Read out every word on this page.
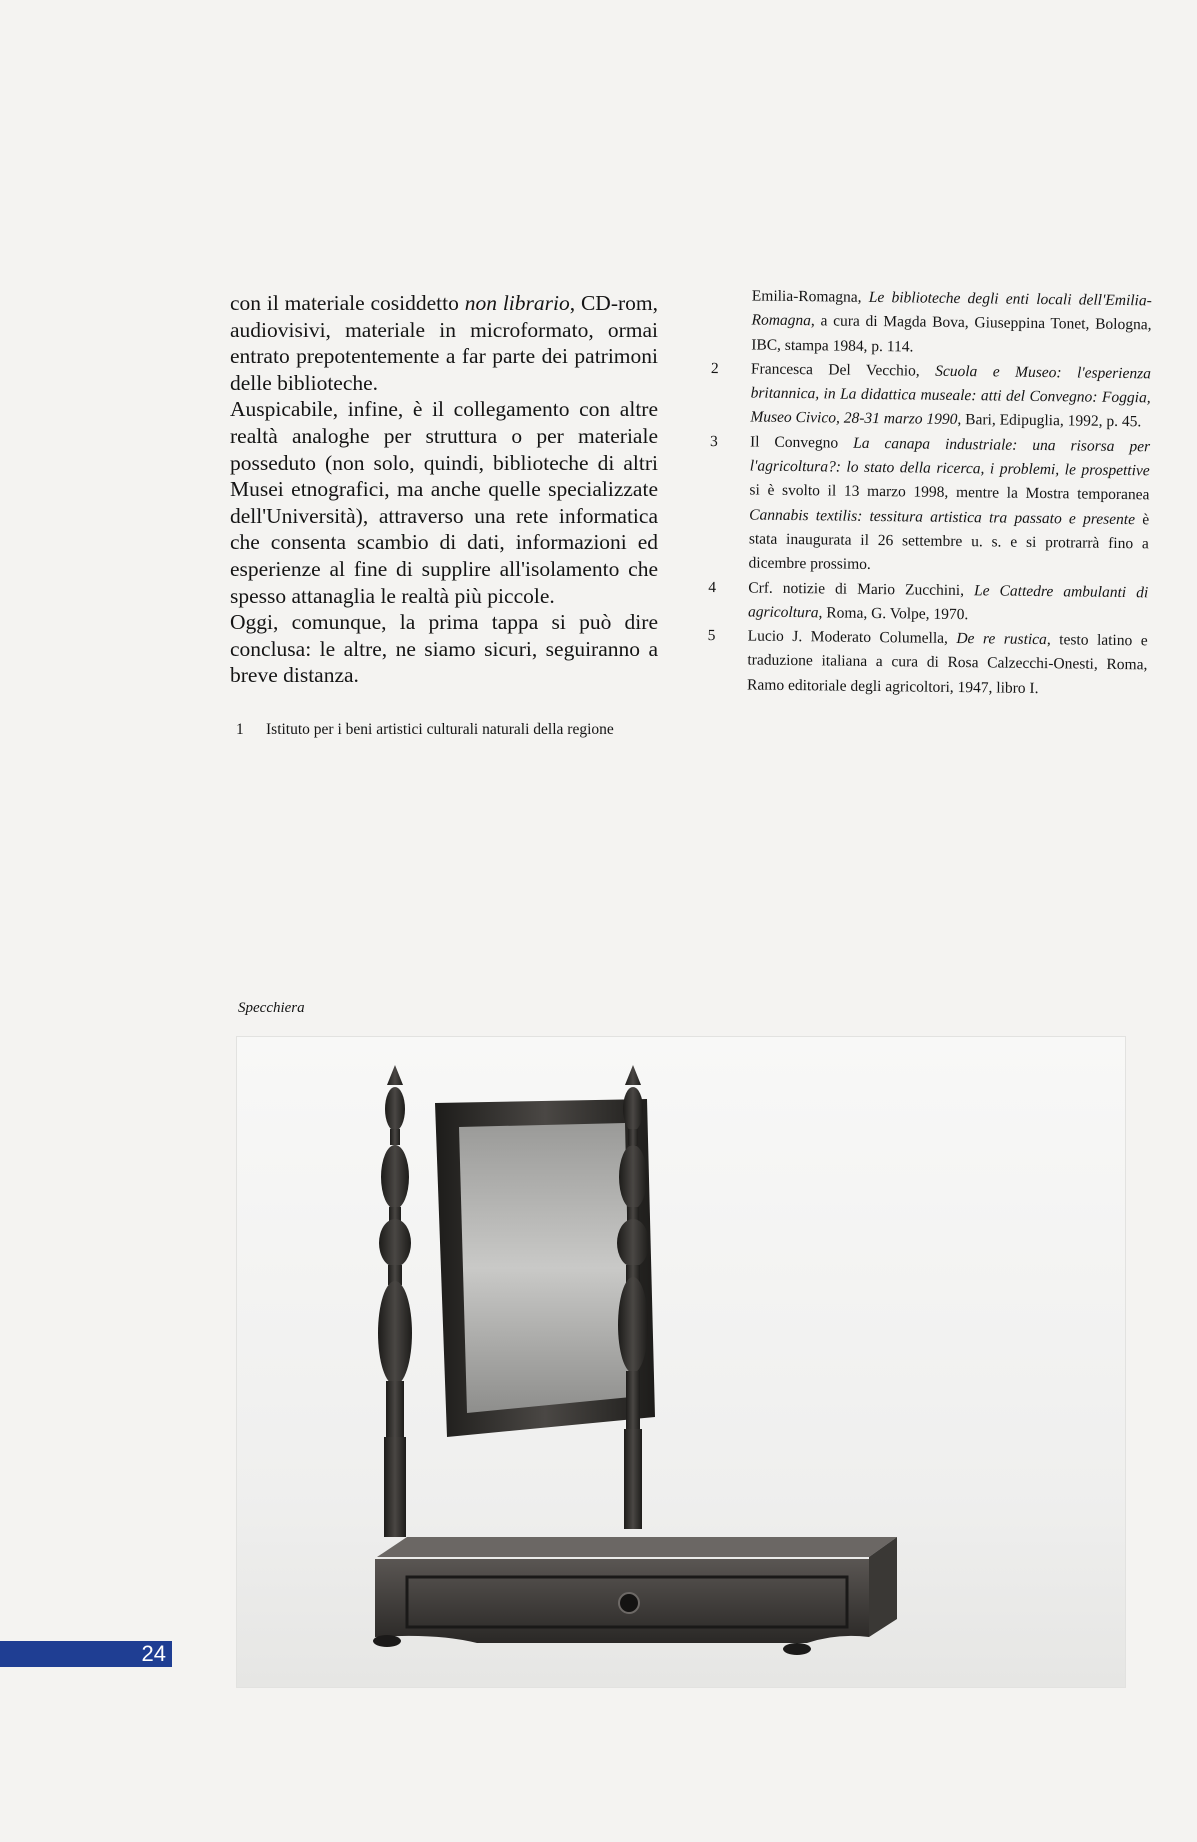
con il materiale cosiddetto non librario, CD-rom, audiovisivi, materiale in microformato, ormai entrato prepotentemente a far parte dei patrimoni delle biblioteche.

Auspicabile, infine, è il collegamento con altre realtà analoghe per struttura o per materiale posseduto (non solo, quindi, biblioteche di altri Musei etnografici, ma anche quelle specializzate dell'Università), attraverso una rete informatica che consenta scambio di dati, informazioni ed esperienze al fine di supplire all'isolamento che spesso attanaglia le realtà più piccole.

Oggi, comunque, la prima tappa si può dire conclusa: le altre, ne siamo sicuri, seguiranno a breve distanza.

1 Istituto per i beni artistici culturali naturali della regione

Emilia-Romagna, Le biblioteche degli enti locali dell'Emilia-Romagna, a cura di Magda Bova, Giuseppina Tonet, Bologna, IBC, stampa 1984, p. 114.

2 Francesca Del Vecchio, Scuola e Museo: l'esperienza britannica, in La didattica museale: atti del Convegno: Foggia, Museo Civico, 28-31 marzo 1990, Bari, Edipuglia, 1992, p. 45.

3 Il Convegno La canapa industriale: una risorsa per l'agricoltura?: lo stato della ricerca, i problemi, le prospettive si è svolto il 13 marzo 1998, mentre la Mostra temporanea Cannabis textilis: tessitura artistica tra passato e presente è stata inaugurata il 26 settembre u. s. e si protrarrà fino a dicembre prossimo.

4 Crf. notizie di Mario Zucchini, Le Cattedre ambulanti di agricoltura, Roma, G. Volpe, 1970.

5 Lucio J. Moderato Columella, De re rustica, testo latino e traduzione italiana a cura di Rosa Calzecchi-Onesti, Roma, Ramo editoriale degli agricoltori, 1947, libro I.

Specchiera
24
